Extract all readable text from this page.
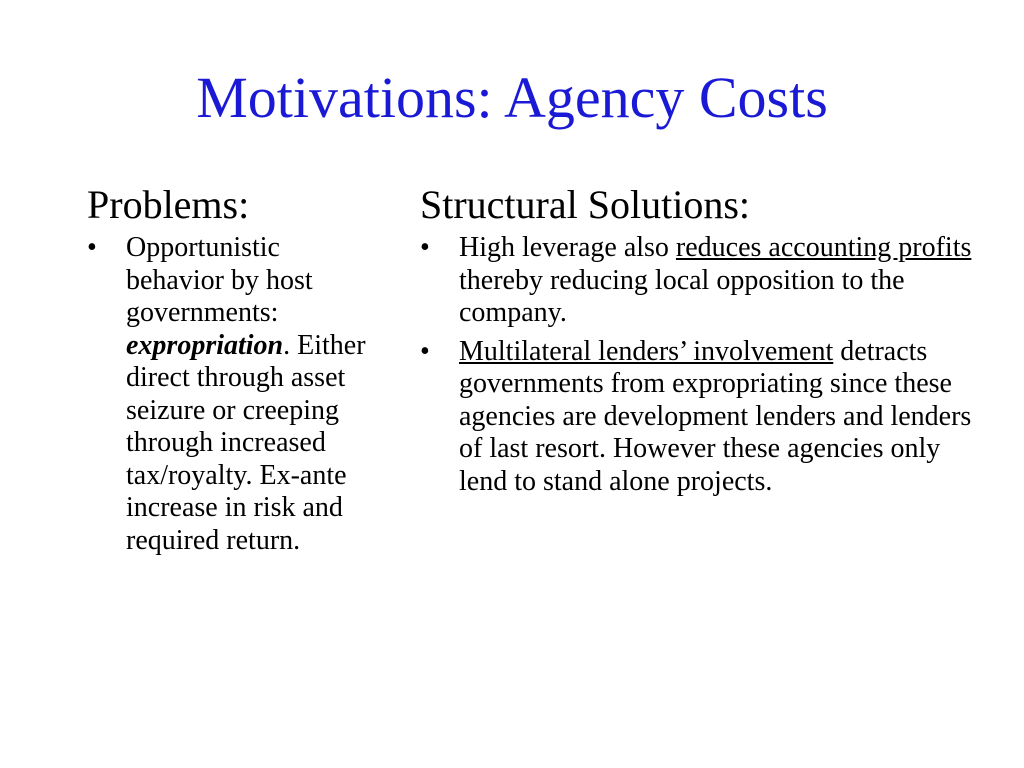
Motivations: Agency Costs
Problems:
• Opportunistic behavior by host governments: expropriation. Either direct through asset seizure or creeping through increased tax/royalty. Ex-ante increase in risk and required return.
Structural Solutions:
• High leverage also reduces accounting profits thereby reducing local opposition to the company.
• Multilateral lenders’ involvement detracts governments from expropriating since these agencies are development lenders and lenders of last resort. However these agencies only lend to stand alone projects.
